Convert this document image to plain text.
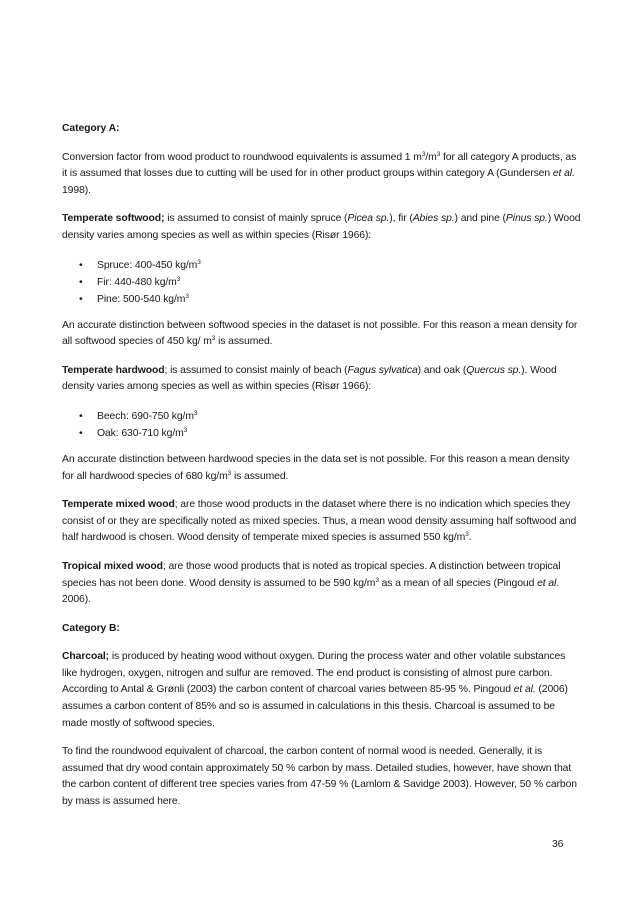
Category A:

Conversion factor from wood product to roundwood equivalents is assumed 1 $m^3/m^3$ for all category A products, as it is assumed that losses due to cutting will be used for in other product groups within category A (Gundersen et al. 1998).

Temperate softwood; is assumed to consist of mainly spruce (Picea sp.), fir (Abies sp.) and pine (Pinus sp.) Wood density varies among species as well as within species (Risør 1966):

• Spruce: 400-450 $kg/m^3$
• Fir: 440-480 $kg/m^3$
• Pine: 500-540 $kg/m^3$

An accurate distinction between softwood species in the dataset is not possible. For this reason a mean density for all softwood species of 450 kg/ $m^3$ is assumed.

Temperate hardwood; is assumed to consist mainly of beach (Fagus sylvatica) and oak (Quercus sp.). Wood density varies among species as well as within species (Risør 1966):

• Beech: 690-750 $kg/m^3$
• Oak: 630-710 $kg/m^3$

An accurate distinction between hardwood species in the data set is not possible. For this reason a mean density for all hardwood species of 680 $kg/m^3$ is assumed.

Temperate mixed wood; are those wood products in the dataset where there is no indication which species they consist of or they are specifically noted as mixed species. Thus, a mean wood density assuming half softwood and half hardwood is chosen. Wood density of temperate mixed species is assumed 550 $kg/m^3$.

Tropical mixed wood; are those wood products that is noted as tropical species. A distinction between tropical species has not been done. Wood density is assumed to be 590 $kg/m^3$ as a mean of all species (Pingoud et al. 2006).

Category B:

Charcoal; is produced by heating wood without oxygen. During the process water and other volatile substances like hydrogen, oxygen, nitrogen and sulfur are removed. The end product is consisting of almost pure carbon. According to Antal & Grønli (2003) the carbon content of charcoal varies between 85-95 %. Pingoud et al. (2006) assumes a carbon content of 85% and so is assumed in calculations in this thesis. Charcoal is assumed to be made mostly of softwood species.

To find the roundwood equivalent of charcoal, the carbon content of normal wood is needed. Generally, it is assumed that dry wood contain approximately 50 % carbon by mass. Detailed studies, however, have shown that the carbon content of different tree species varies from 47-59 % (Lamlom & Savidge 2003). However, 50 % carbon by mass is assumed here.

36
